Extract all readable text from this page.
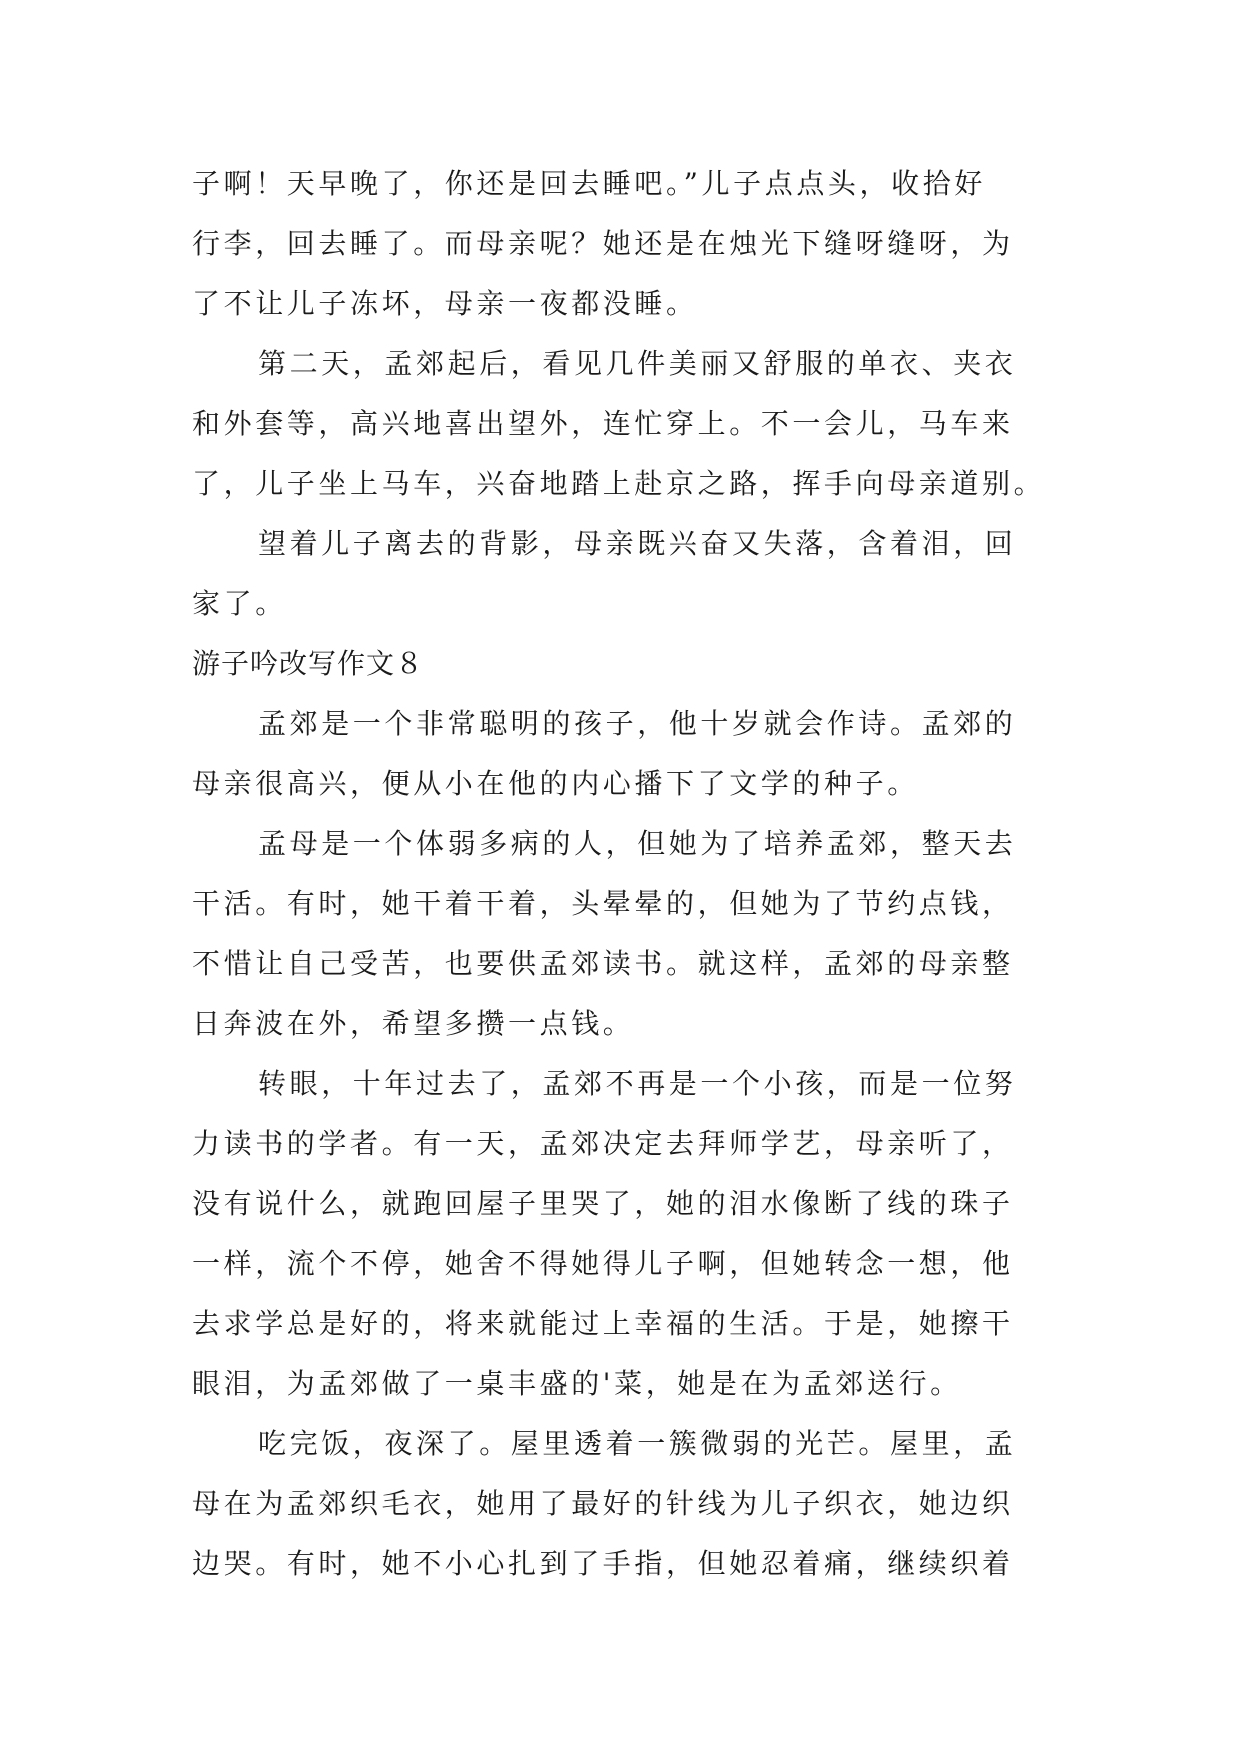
子啊！天早晚了，你还是回去睡吧。”儿子点点头，收拾好
行李，回去睡了。而母亲呢？她还是在烛光下缝呀缝呀，为
了不让儿子冻坏，母亲一夜都没睡。
第二天，孟郊起后，看见几件美丽又舒服的单衣、夹衣
和外套等，高兴地喜出望外，连忙穿上。不一会儿，马车来
了，儿子坐上马车，兴奋地踏上赴京之路，挥手向母亲道别。
望着儿子离去的背影，母亲既兴奋又失落，含着泪，回
家了。
游子吟改写作文８
孟郊是一个非常聪明的孩子，他十岁就会作诗。孟郊的
母亲很高兴，便从小在他的内心播下了文学的种子。
孟母是一个体弱多病的人，但她为了培养孟郊，整天去
干活。有时，她干着干着，头晕晕的，但她为了节约点钱，
不惜让自己受苦，也要供孟郊读书。就这样，孟郊的母亲整
日奔波在外，希望多攒一点钱。
转眼，十年过去了，孟郊不再是一个小孩，而是一位努
力读书的学者。有一天，孟郊决定去拜师学艺，母亲听了，
没有说什么，就跑回屋子里哭了，她的泪水像断了线的珠子
一样，流个不停，她舍不得她得儿子啊，但她转念一想，他
去求学总是好的，将来就能过上幸福的生活。于是，她擦干
眼泪，为孟郊做了一桌丰盛的'菜，她是在为孟郊送行。
吃完饭，夜深了。屋里透着一簇微弱的光芒。屋里，孟
母在为孟郊织毛衣，她用了最好的针线为儿子织衣，她边织
边哭。有时，她不小心扎到了手指，但她忍着痛，继续织着
